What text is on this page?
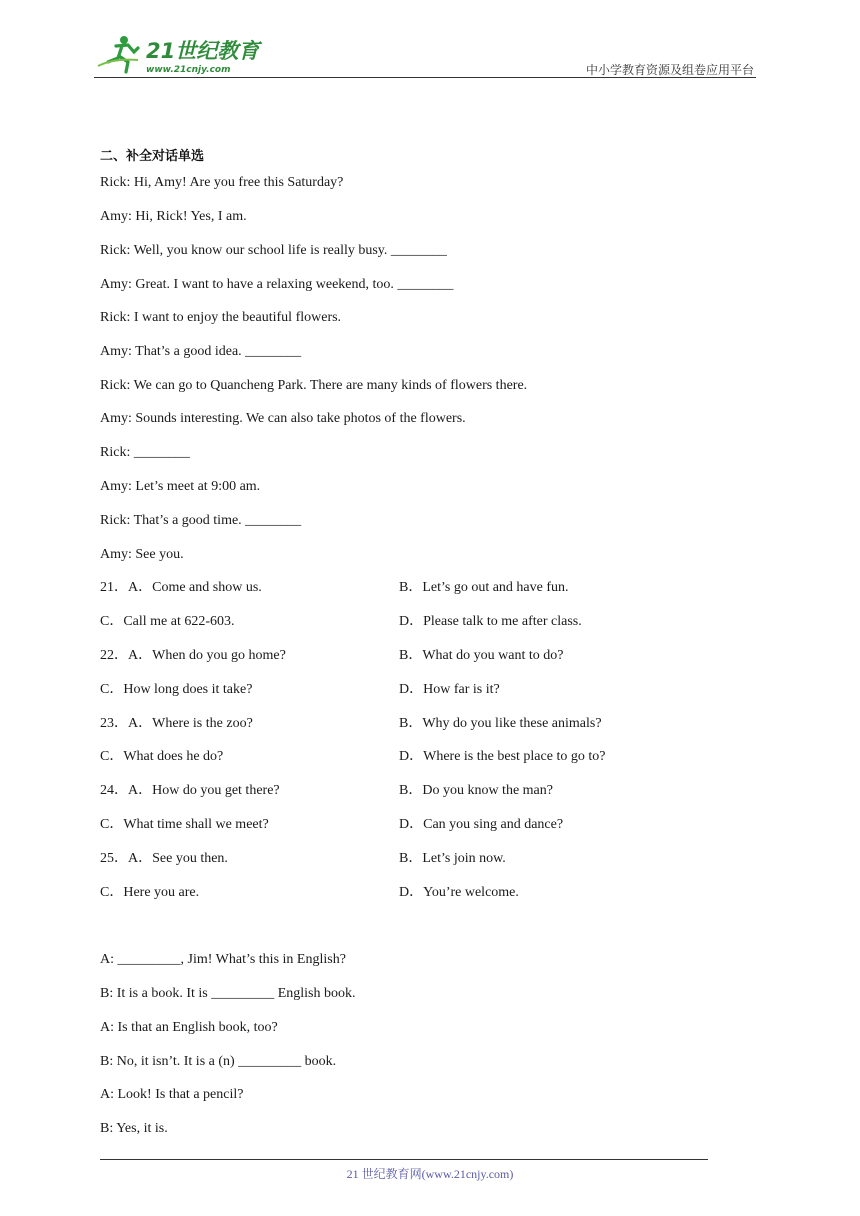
21世纪教育
www.21cnjy.com	中小学教育资源及组卷应用平台
二、补全对话单选
Rick: Hi, Amy! Are you free this Saturday?
Amy: Hi, Rick! Yes, I am.
Rick: Well, you know our school life is really busy. ________
Amy: Great. I want to have a relaxing weekend, too. ________
Rick: I want to enjoy the beautiful flowers.
Amy: That’s a good idea. ________
Rick: We can go to Quancheng Park. There are many kinds of flowers there.
Amy: Sounds interesting. We can also take photos of the flowers.
Rick: ________
Amy: Let’s meet at 9:00 am.
Rick: That’s a good time. ________
Amy: See you.
21．A．Come and show us.	B．Let’s go out and have fun.
C．Call me at 622-603.	D．Please talk to me after class.
22．A．When do you go home?	B．What do you want to do?
C．How long does it take?	D．How far is it?
23．A．Where is the zoo?	B．Why do you like these animals?
C．What does he do?	D．Where is the best place to go to?
24．A．How do you get there?	B．Do you know the man?
C．What time shall we meet?	D．Can you sing and dance?
25．A．See you then.	B．Let’s join now.
C．Here you are.	D．You’re welcome.
A: _________, Jim! What’s this in English?
B: It is a book. It is _________ English book.
A: Is that an English book, too?
B: No, it isn’t. It is a (n) _________ book.
A: Look! Is that a pencil?
B: Yes, it is.
21 世纪教育网(www.21cnjy.com)
